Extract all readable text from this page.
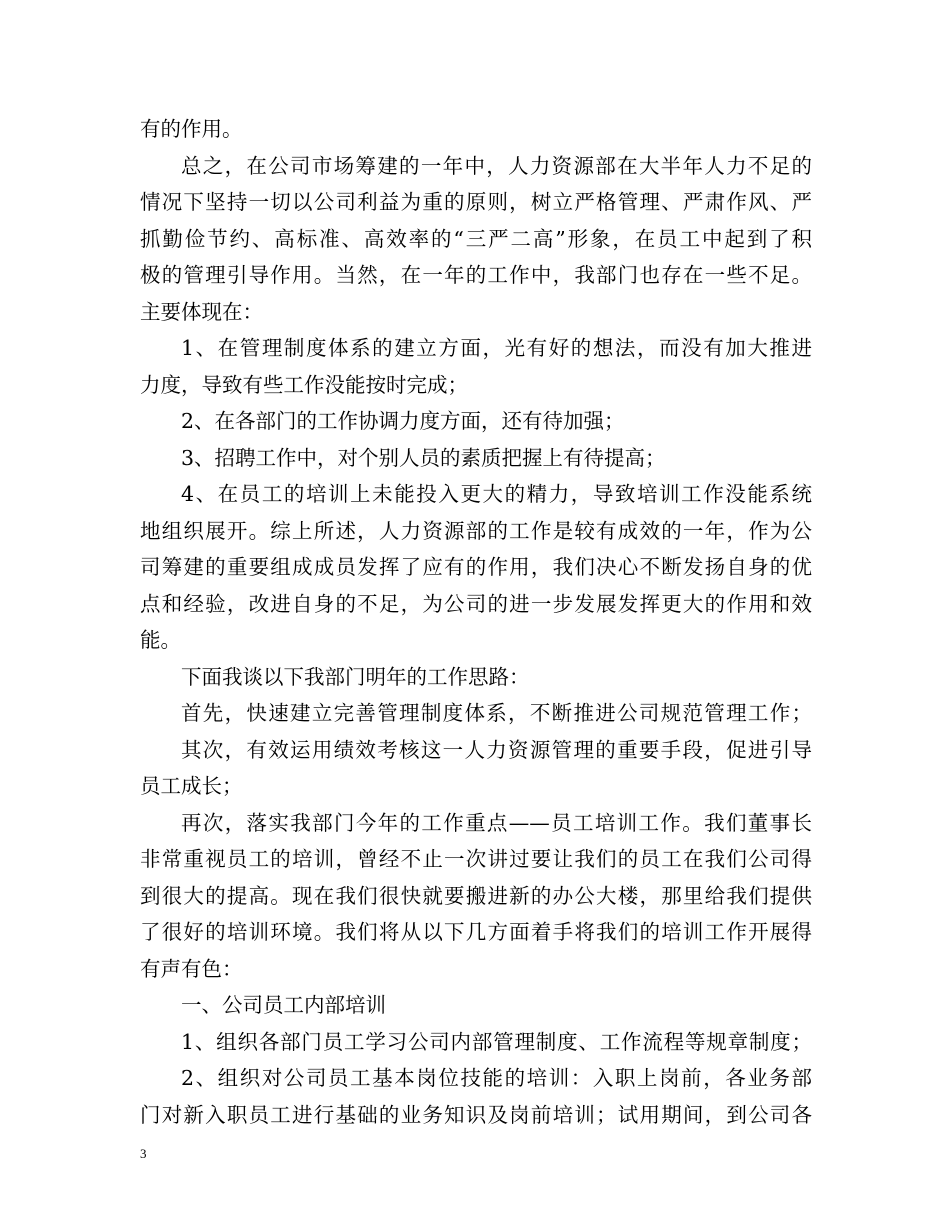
有的作用。
总之，在公司市场筹建的一年中，人力资源部在大半年人力不足的
情况下坚持一切以公司利益为重的原则，树立严格管理、严肃作风、严
抓勤俭节约、高标准、高效率的“三严二高”形象，在员工中起到了积
极的管理引导作用。当然，在一年的工作中，我部门也存在一些不足。
主要体现在：
1、在管理制度体系的建立方面，光有好的想法，而没有加大推进
力度，导致有些工作没能按时完成；
2、在各部门的工作协调力度方面，还有待加强；
3、招聘工作中，对个别人员的素质把握上有待提高；
4、在员工的培训上未能投入更大的精力，导致培训工作没能系统
地组织展开。综上所述，人力资源部的工作是较有成效的一年，作为公
司筹建的重要组成成员发挥了应有的作用，我们决心不断发扬自身的优
点和经验，改进自身的不足，为公司的进一步发展发挥更大的作用和效
能。
下面我谈以下我部门明年的工作思路：
首先，快速建立完善管理制度体系，不断推进公司规范管理工作；
其次，有效运用绩效考核这一人力资源管理的重要手段，促进引导
员工成长；
再次，落实我部门今年的工作重点——员工培训工作。我们董事长
非常重视员工的培训，曾经不止一次讲过要让我们的员工在我们公司得
到很大的提高。现在我们很快就要搬进新的办公大楼，那里给我们提供
了很好的培训环境。我们将从以下几方面着手将我们的培训工作开展得
有声有色：
一、公司员工内部培训
1、组织各部门员工学习公司内部管理制度、工作流程等规章制度；
2、组织对公司员工基本岗位技能的培训：入职上岗前，各业务部
门对新入职员工进行基础的业务知识及岗前培训；试用期间，到公司各
3
